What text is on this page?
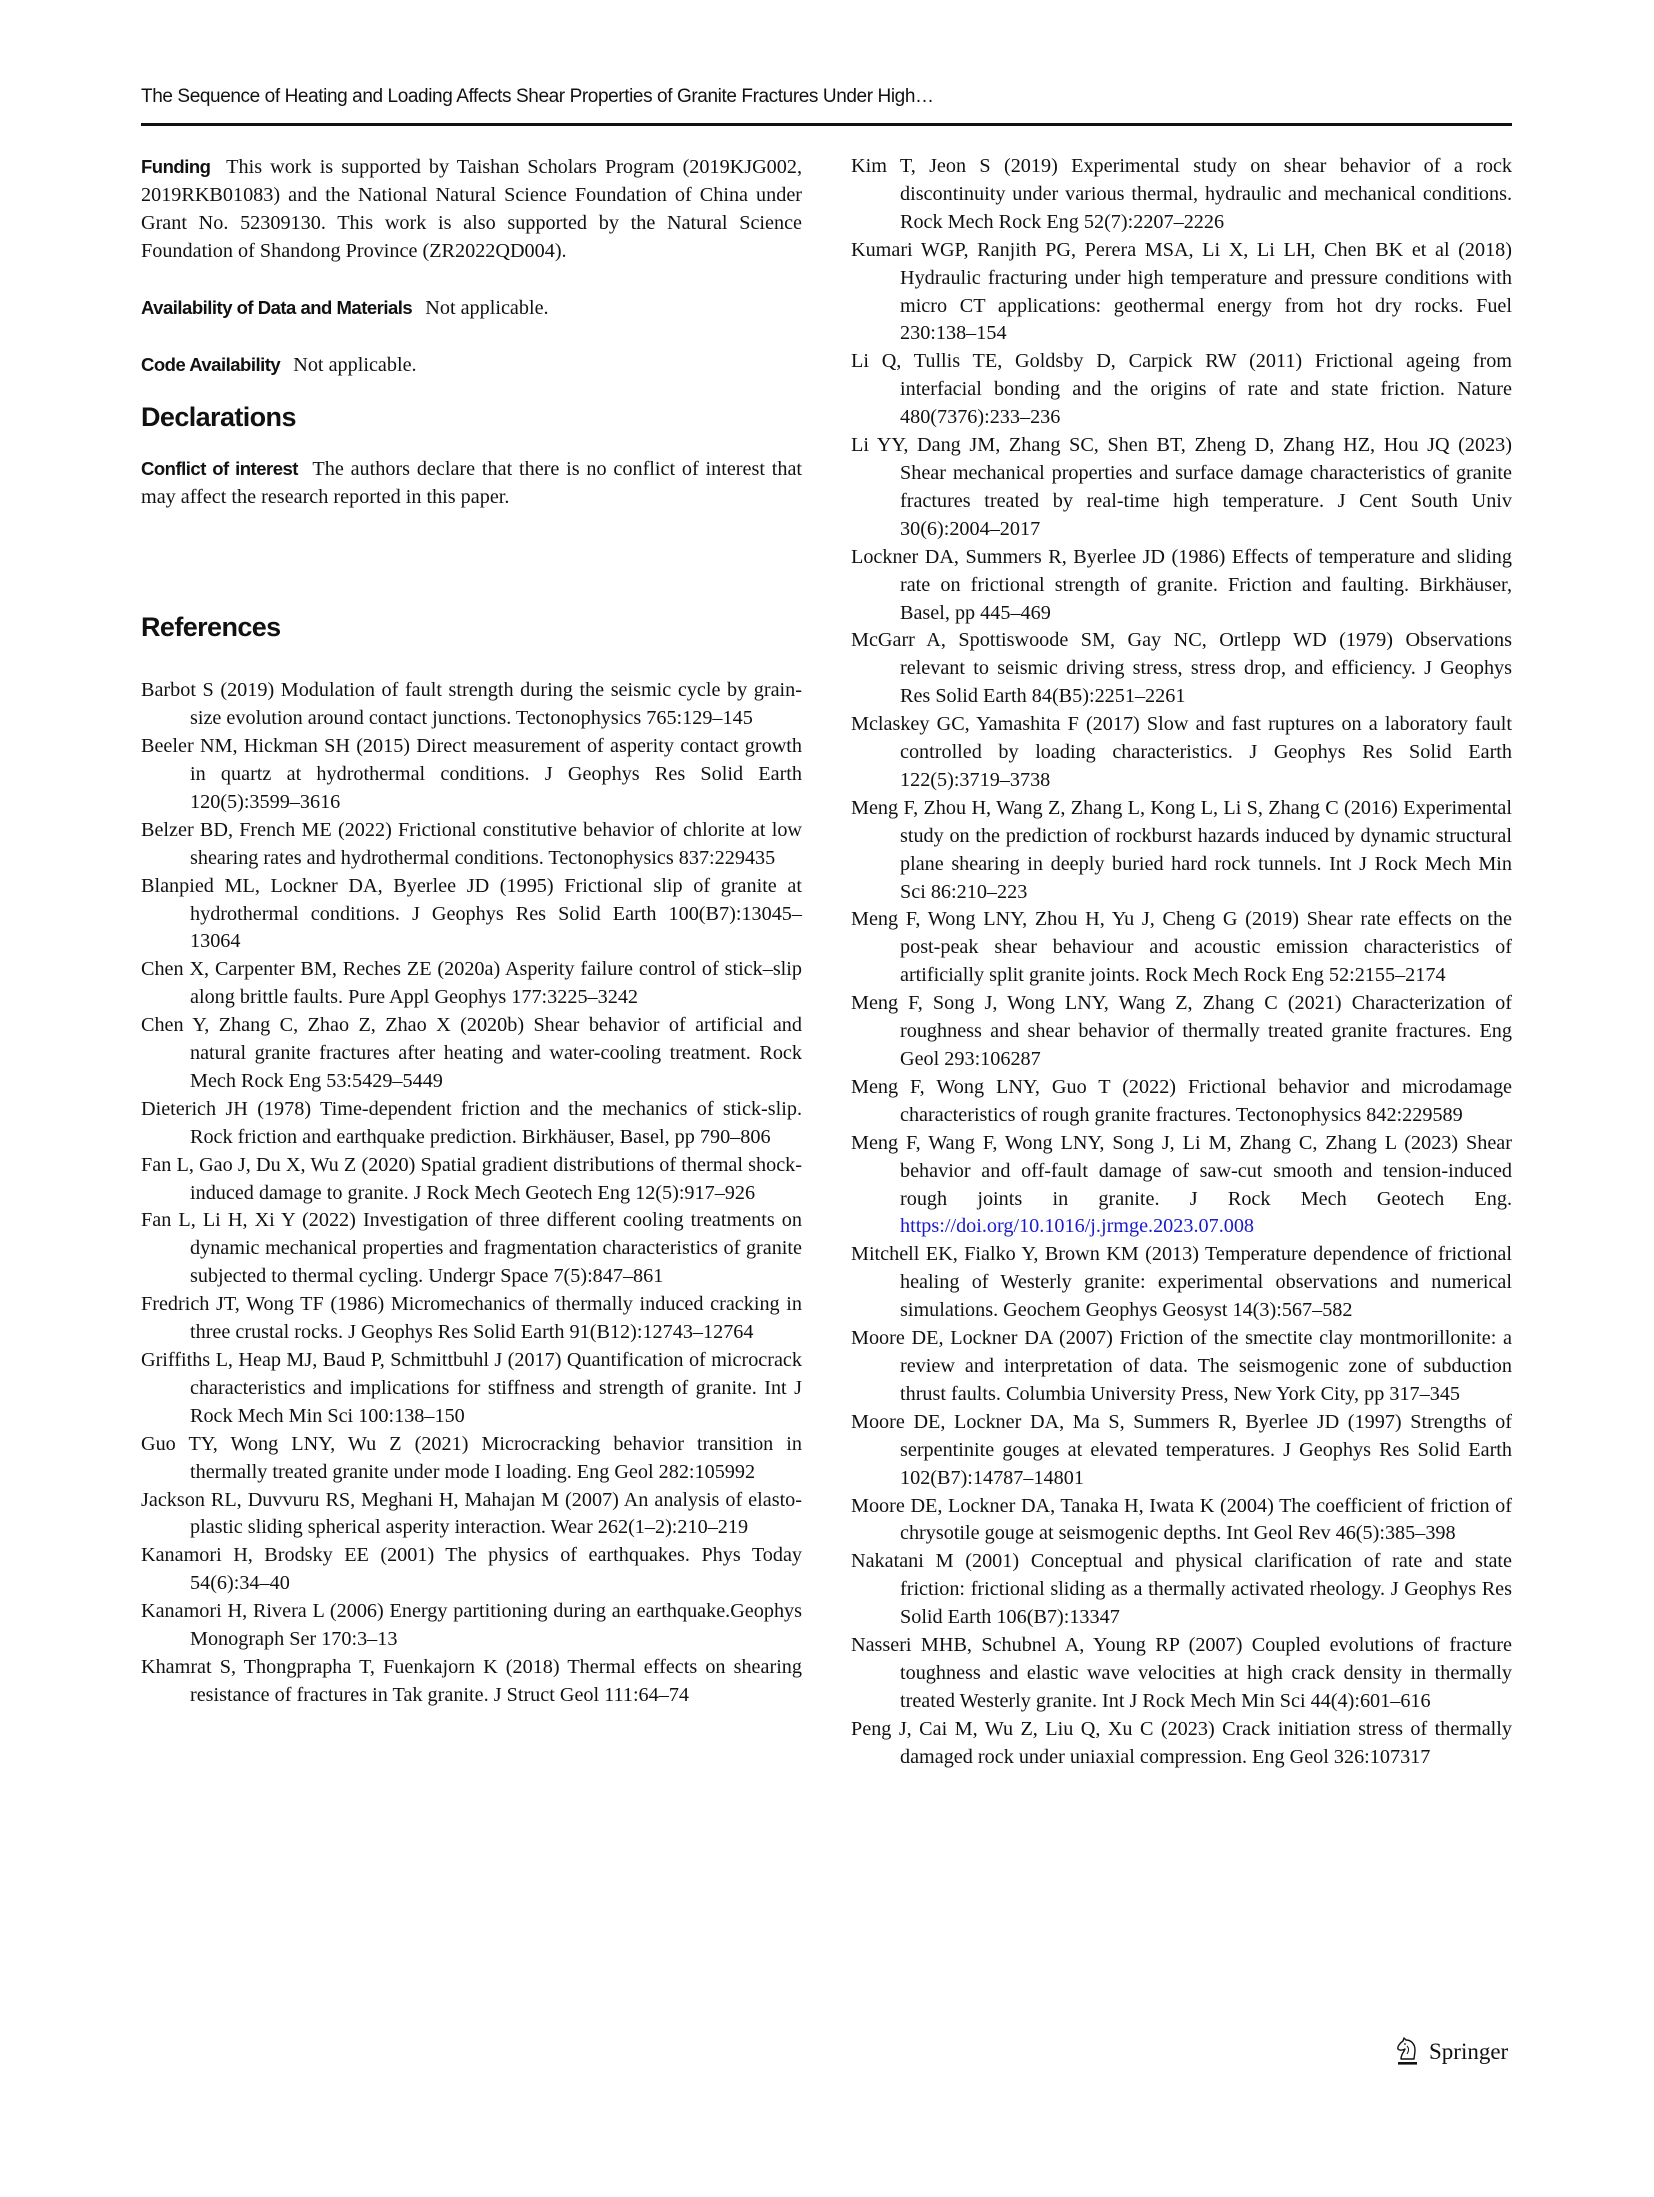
The Sequence of Heating and Loading Affects Shear Properties of Granite Fractures Under High…

Funding This work is supported by Taishan Scholars Program (2019KJG002, 2019RKB01083) and the National Natural Science Foundation of China under Grant No. 52309130. This work is also supported by the Natural Science Foundation of Shandong Province (ZR2022QD004).

Availability of Data and Materials Not applicable.

Code Availability Not applicable.

Declarations

Conflict of interest The authors declare that there is no conflict of interest that may affect the research reported in this paper.

References
Barbot S (2019) Modulation of fault strength during the seismic cycle by grain-size evolution around contact junctions. Tectonophysics 765:129–145
Beeler NM, Hickman SH (2015) Direct measurement of asperity contact growth in quartz at hydrothermal conditions. J Geophys Res Solid Earth 120(5):3599–3616
Belzer BD, French ME (2022) Frictional constitutive behavior of chlorite at low shearing rates and hydrothermal conditions. Tectonophysics 837:229435
Blanpied ML, Lockner DA, Byerlee JD (1995) Frictional slip of granite at hydrothermal conditions. J Geophys Res Solid Earth 100(B7):13045–13064
Chen X, Carpenter BM, Reches ZE (2020a) Asperity failure control of stick–slip along brittle faults. Pure Appl Geophys 177:3225–3242
Chen Y, Zhang C, Zhao Z, Zhao X (2020b) Shear behavior of artificial and natural granite fractures after heating and water-cooling treatment. Rock Mech Rock Eng 53:5429–5449
Dieterich JH (1978) Time-dependent friction and the mechanics of stick-slip. Rock friction and earthquake prediction. Birkhäuser, Basel, pp 790–806
Fan L, Gao J, Du X, Wu Z (2020) Spatial gradient distributions of thermal shock-induced damage to granite. J Rock Mech Geotech Eng 12(5):917–926
Fan L, Li H, Xi Y (2022) Investigation of three different cooling treatments on dynamic mechanical properties and fragmentation characteristics of granite subjected to thermal cycling. Undergr Space 7(5):847–861
Fredrich JT, Wong TF (1986) Micromechanics of thermally induced cracking in three crustal rocks. J Geophys Res Solid Earth 91(B12):12743–12764
Griffiths L, Heap MJ, Baud P, Schmittbuhl J (2017) Quantification of microcrack characteristics and implications for stiffness and strength of granite. Int J Rock Mech Min Sci 100:138–150
Guo TY, Wong LNY, Wu Z (2021) Microcracking behavior transition in thermally treated granite under mode I loading. Eng Geol 282:105992
Jackson RL, Duvvuru RS, Meghani H, Mahajan M (2007) An analysis of elasto-plastic sliding spherical asperity interaction. Wear 262(1–2):210–219
Kanamori H, Brodsky EE (2001) The physics of earthquakes. Phys Today 54(6):34–40
Kanamori H, Rivera L (2006) Energy partitioning during an earthquake.Geophys Monograph Ser 170:3–13
Khamrat S, Thongprapha T, Fuenkajorn K (2018) Thermal effects on shearing resistance of fractures in Tak granite. J Struct Geol 111:64–74
Kim T, Jeon S (2019) Experimental study on shear behavior of a rock discontinuity under various thermal, hydraulic and mechanical conditions. Rock Mech Rock Eng 52(7):2207–2226
Kumari WGP, Ranjith PG, Perera MSA, Li X, Li LH, Chen BK et al (2018) Hydraulic fracturing under high temperature and pressure conditions with micro CT applications: geothermal energy from hot dry rocks. Fuel 230:138–154
Li Q, Tullis TE, Goldsby D, Carpick RW (2011) Frictional ageing from interfacial bonding and the origins of rate and state friction. Nature 480(7376):233–236
Li YY, Dang JM, Zhang SC, Shen BT, Zheng D, Zhang HZ, Hou JQ (2023) Shear mechanical properties and surface damage characteristics of granite fractures treated by real-time high temperature. J Cent South Univ 30(6):2004–2017
Lockner DA, Summers R, Byerlee JD (1986) Effects of temperature and sliding rate on frictional strength of granite. Friction and faulting. Birkhäuser, Basel, pp 445–469
McGarr A, Spottiswoode SM, Gay NC, Ortlepp WD (1979) Observations relevant to seismic driving stress, stress drop, and efficiency. J Geophys Res Solid Earth 84(B5):2251–2261
Mclaskey GC, Yamashita F (2017) Slow and fast ruptures on a laboratory fault controlled by loading characteristics. J Geophys Res Solid Earth 122(5):3719–3738
Meng F, Zhou H, Wang Z, Zhang L, Kong L, Li S, Zhang C (2016) Experimental study on the prediction of rockburst hazards induced by dynamic structural plane shearing in deeply buried hard rock tunnels. Int J Rock Mech Min Sci 86:210–223
Meng F, Wong LNY, Zhou H, Yu J, Cheng G (2019) Shear rate effects on the post-peak shear behaviour and acoustic emission characteristics of artificially split granite joints. Rock Mech Rock Eng 52:2155–2174
Meng F, Song J, Wong LNY, Wang Z, Zhang C (2021) Characterization of roughness and shear behavior of thermally treated granite fractures. Eng Geol 293:106287
Meng F, Wong LNY, Guo T (2022) Frictional behavior and microdamage characteristics of rough granite fractures. Tectonophysics 842:229589
Meng F, Wang F, Wong LNY, Song J, Li M, Zhang C, Zhang L (2023) Shear behavior and off-fault damage of saw-cut smooth and tension-induced rough joints in granite. J Rock Mech Geotech Eng. https://doi.org/10.1016/j.jrmge.2023.07.008
Mitchell EK, Fialko Y, Brown KM (2013) Temperature dependence of frictional healing of Westerly granite: experimental observations and numerical simulations. Geochem Geophys Geosyst 14(3):567–582
Moore DE, Lockner DA (2007) Friction of the smectite clay montmorillonite: a review and interpretation of data. The seismogenic zone of subduction thrust faults. Columbia University Press, New York City, pp 317–345
Moore DE, Lockner DA, Ma S, Summers R, Byerlee JD (1997) Strengths of serpentinite gouges at elevated temperatures. J Geophys Res Solid Earth 102(B7):14787–14801
Moore DE, Lockner DA, Tanaka H, Iwata K (2004) The coefficient of friction of chrysotile gouge at seismogenic depths. Int Geol Rev 46(5):385–398
Nakatani M (2001) Conceptual and physical clarification of rate and state friction: frictional sliding as a thermally activated rheology. J Geophys Res Solid Earth 106(B7):13347
Nasseri MHB, Schubnel A, Young RP (2007) Coupled evolutions of fracture toughness and elastic wave velocities at high crack density in thermally treated Westerly granite. Int J Rock Mech Min Sci 44(4):601–616
Peng J, Cai M, Wu Z, Liu Q, Xu C (2023) Crack initiation stress of thermally damaged rock under uniaxial compression. Eng Geol 326:107317
Springer
